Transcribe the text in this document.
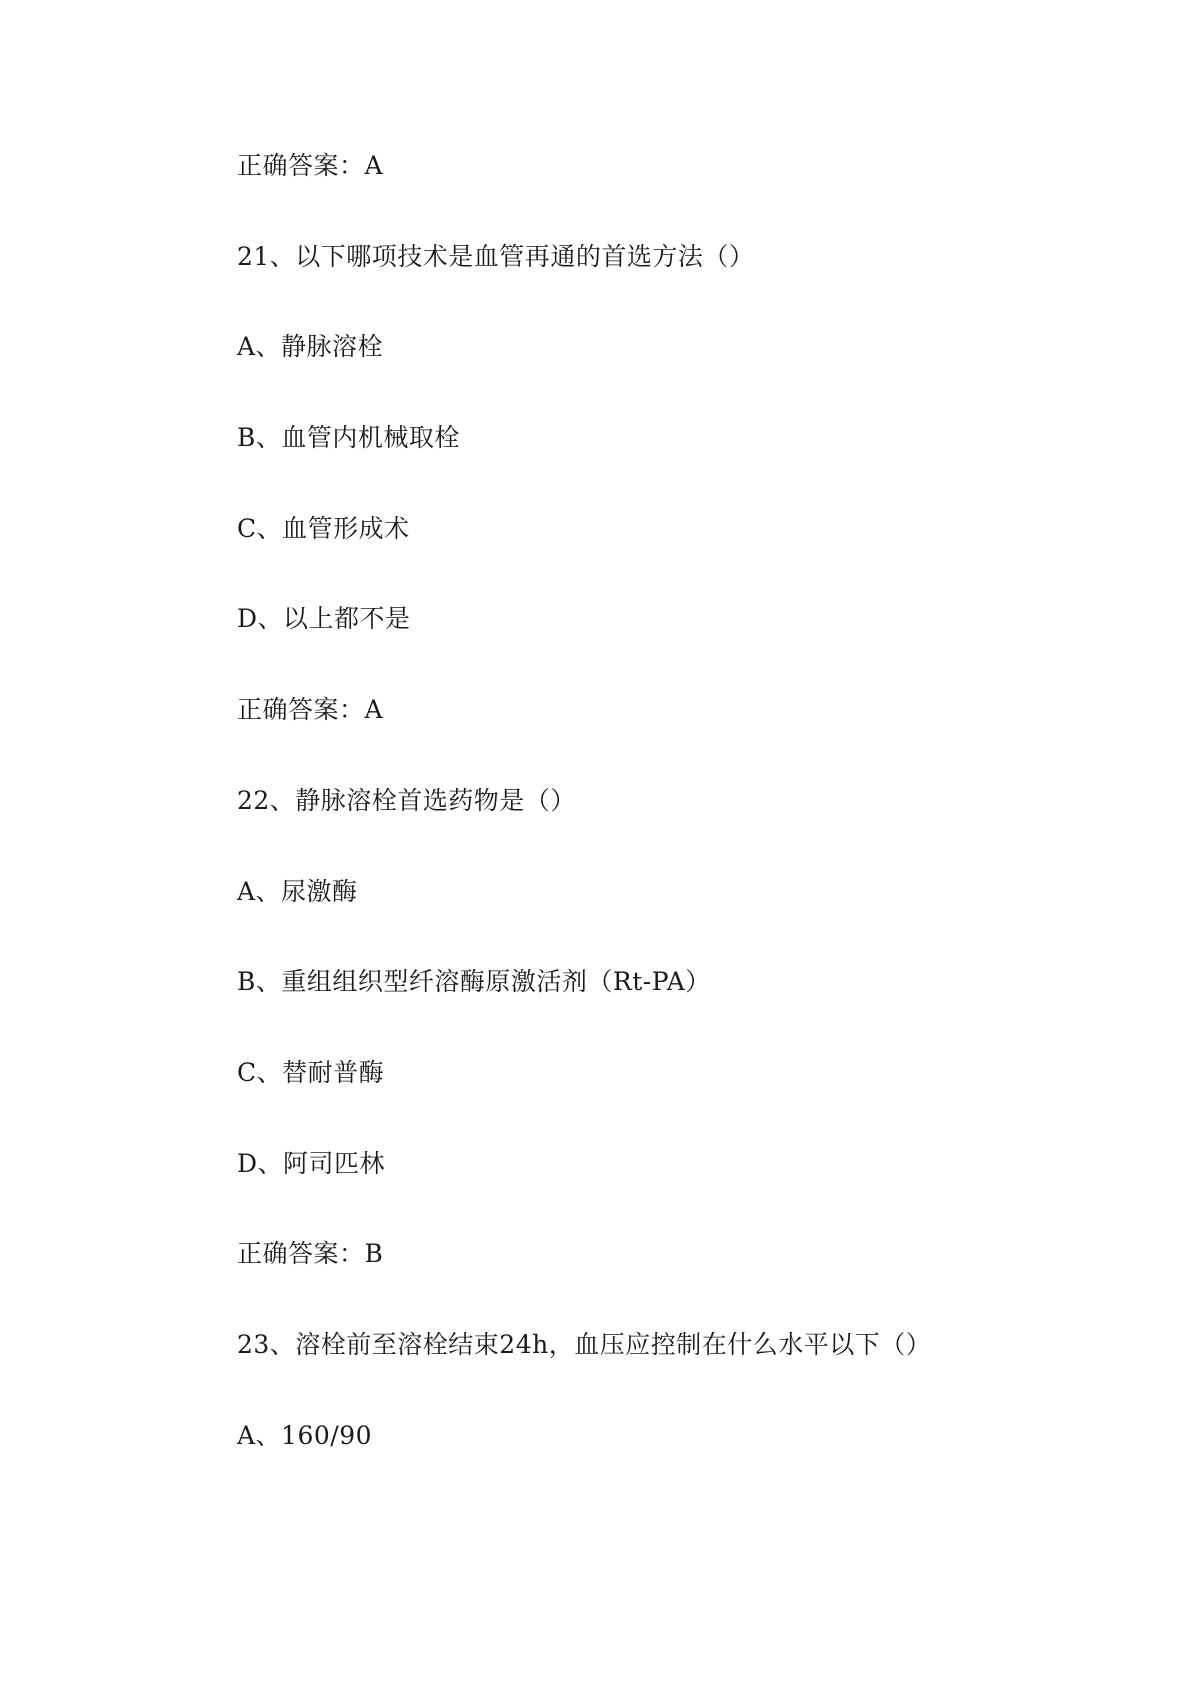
正确答案：A
21、以下哪项技术是血管再通的首选方法（）
A、静脉溶栓
B、血管内机械取栓
C、血管形成术
D、以上都不是
正确答案：A
22、静脉溶栓首选药物是（）
A、尿激酶
B、重组组织型纤溶酶原激活剂（Rt-PA）
C、替耐普酶
D、阿司匹林
正确答案：B
23、溶栓前至溶栓结束24h，血压应控制在什么水平以下（）
A、160/90
